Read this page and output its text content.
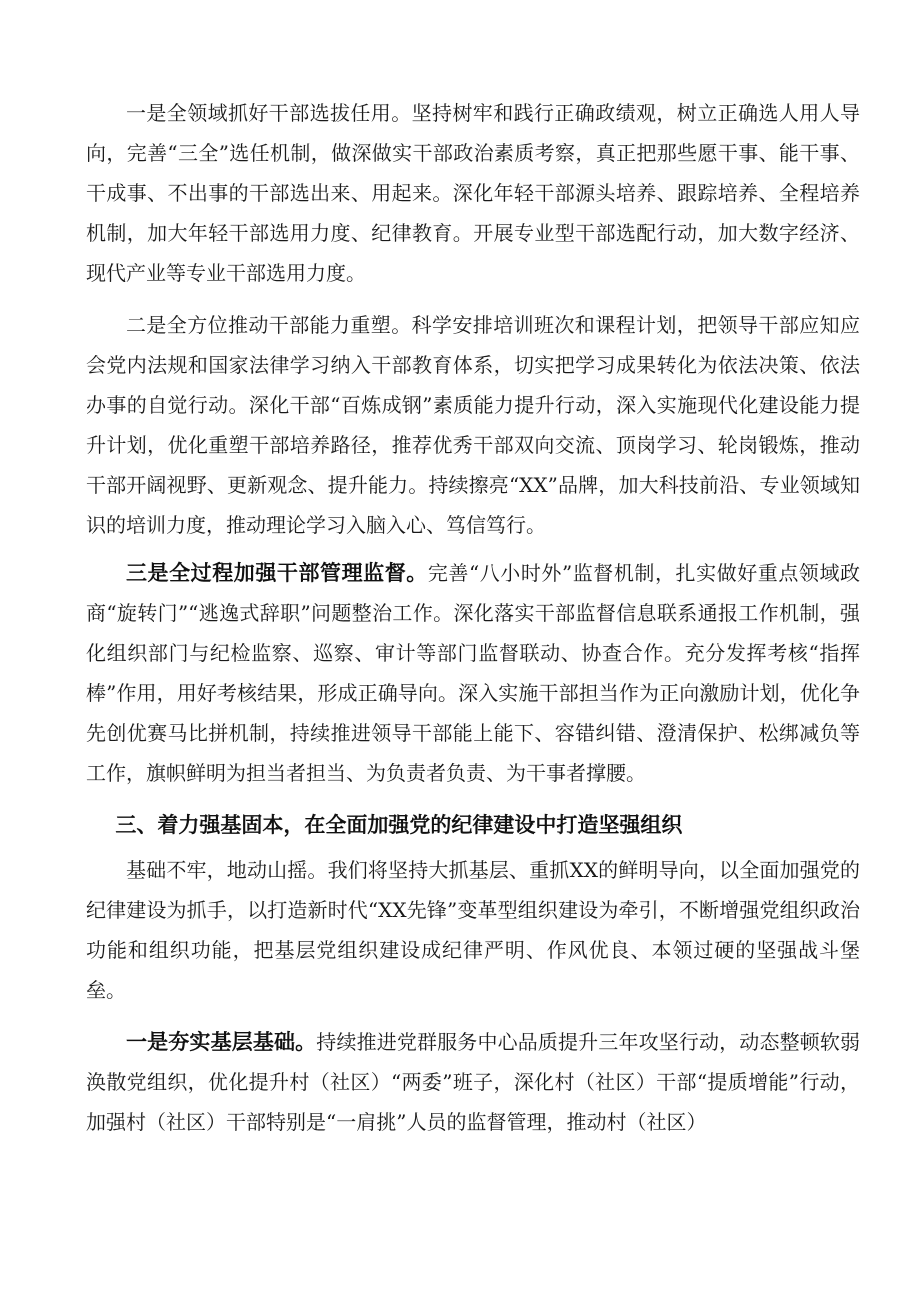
一是全领域抓好干部选拔任用。坚持树牢和践行正确政绩观，树立正确选人用人导向，完善“三全”选任机制，做深做实干部政治素质考察，真正把那些愿干事、能干事、干成事、不出事的干部选出来、用起来。深化年轻干部源头培养、跟踪培养、全程培养机制，加大年轻干部选用力度、纪律教育。开展专业型干部选配行动，加大数字经济、现代产业等专业干部选用力度。

二是全方位推动干部能力重塑。科学安排培训班次和课程计划，把领导干部应知应会党内法规和国家法律学习纳入干部教育体系，切实把学习成果转化为依法决策、依法办事的自觉行动。深化干部“百炼成钢”素质能力提升行动，深入实施现代化建设能力提升计划，优化重塑干部培养路径，推荐优秀干部双向交流、顶岗学习、轮岗锻炼，推动干部开阔视野、更新观念、提升能力。持续擦亮“XX”品牌，加大科技前沿、专业领域知识的培训力度，推动理论学习入脑入心、笃信笃行。

三是全过程加强干部管理监督。完善“八小时外”监督机制，扎实做好重点领域政商“旋转门”“逃逸式辞职”问题整治工作。深化落实干部监督信息联系通报工作机制，强化组织部门与纪检监察、巡察、审计等部门监督联动、协查合作。充分发挥考核“指挥棒”作用，用好考核结果，形成正确导向。深入实施干部担当作为正向激励计划，优化争先创优赛马比拼机制，持续推进领导干部能上能下、容错纠错、澄清保护、松绑减负等工作，旗帜鲜明为担当者担当、为负责者负责、为干事者撑腰。

三、着力强基固本，在全面加强党的纪律建设中打造坚强组织

基础不牢，地动山摇。我们将坚持大抓基层、重抓XX的鲜明导向，以全面加强党的纪律建设为抓手，以打造新时代“XX先锋”变革型组织建设为牵引，不断增强党组织政治功能和组织功能，把基层党组织建设成纪律严明、作风优良、本领过硬的坚强战斗堡垒。

一是夯实基层基础。持续推进党群服务中心品质提升三年攻坚行动，动态整顿软弱涣散党组织，优化提升村（社区）“两委”班子，深化村（社区）干部“提质增能”行动，加强村（社区）干部特别是“一肩挑”人员的监督管理，推动村（社区）
